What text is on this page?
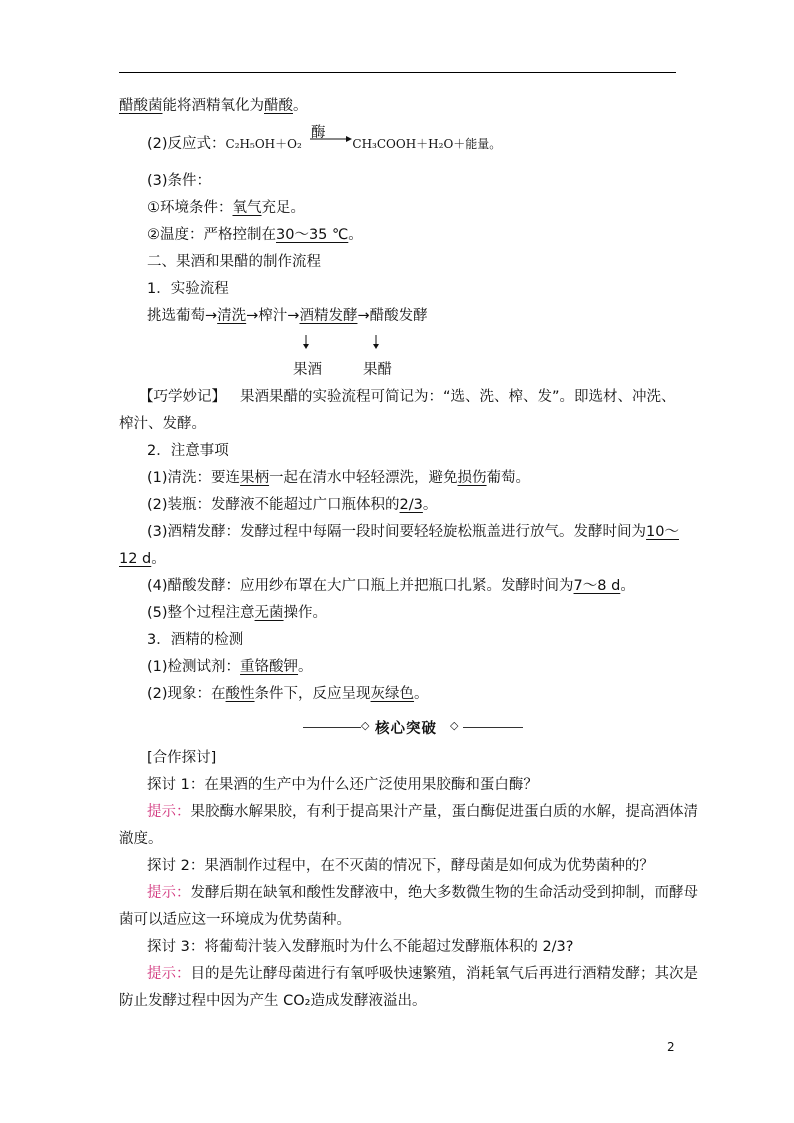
醋酸菌能将酒精氧化为醋酸。
酶
(2)反应式：C₂H₅OH＋O₂ →CH₃COOH＋H₂O＋能量。
(3)条件：
①环境条件：氧气充足。
②温度：严格控制在30～35 ℃。
二、果酒和果醋的制作流程
1．实验流程
挑选葡萄→清洗→榨汁→酒精发酵→醋酸发酵
果酒	果醋
【巧学妙记】 果酒果醋的实验流程可简记为：“选、洗、榨、发”。即选材、冲洗、
榨汁、发酵。
2．注意事项
(1)清洗：要连果柄一起在清水中轻轻漂洗，避免损伤葡萄。
(2)装瓶：发酵液不能超过广口瓶体积的2/3。
(3)酒精发酵：发酵过程中每隔一段时间要轻轻旋松瓶盖进行放气。发酵时间为10～
12 d。
(4)醋酸发酵：应用纱布罩在大广口瓶上并把瓶口扎紧。发酵时间为7～8 d。
(5)整个过程注意无菌操作。
3．酒精的检测
(1)检测试剂：重铬酸钾。
(2)现象：在酸性条件下，反应呈现灰绿色。
◇ 核心突破 ◇
[合作探讨]
探讨 1：在果酒的生产中为什么还广泛使用果胶酶和蛋白酶？
提示：果胶酶水解果胶，有利于提高果汁产量，蛋白酶促进蛋白质的水解，提高酒体清
澈度。
探讨 2：果酒制作过程中，在不灭菌的情况下，酵母菌是如何成为优势菌种的？
提示：发酵后期在缺氧和酸性发酵液中，绝大多数微生物的生命活动受到抑制，而酵母
菌可以适应这一环境成为优势菌种。
探讨 3：将葡萄汁装入发酵瓶时为什么不能超过发酵瓶体积的 2/3?
提示：目的是先让酵母菌进行有氧呼吸快速繁殖，消耗氧气后再进行酒精发酵；其次是
防止发酵过程中因为产生 CO₂造成发酵液溢出。
2
